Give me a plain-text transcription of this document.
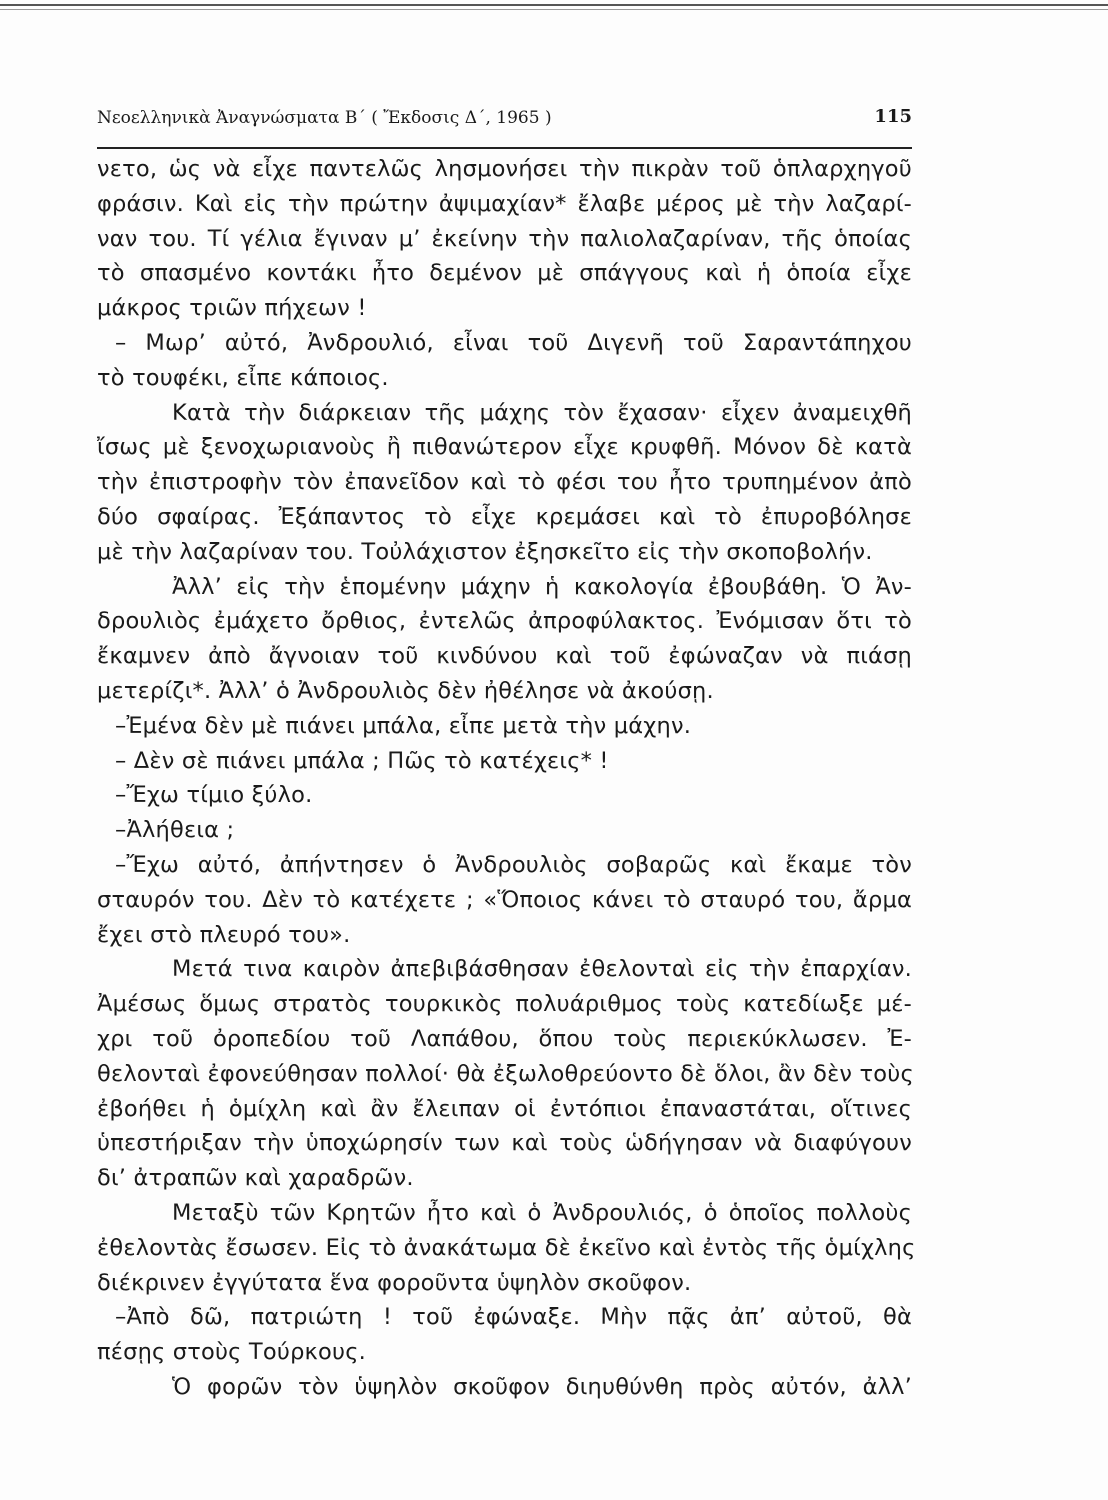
Νεοελληνικὰ Ἀναγνώσματα Β΄ ( Ἔκδοσις Δ΄, 1965 )	115
νετο, ὡς νὰ εἶχε παντελῶς λησμονήσει τὴν πικρὰν τοῦ ὁπλαρχηγοῦ
φράσιν. Καὶ εἰς τὴν πρώτην ἀψιμαχίαν* ἔλαβε μέρος μὲ τὴν λαζαρί-
ναν του. Τί γέλια ἔγιναν μ’ ἐκείνην τὴν παλιολαζαρίναν, τῆς ὁποίας
τὸ σπασμένο κοντάκι ἦτο δεμένον μὲ σπάγγους καὶ ἡ ὁποία εἶχε
μάκρος τριῶν πήχεων !
– Μωρ’ αὐτό, Ἀνδρουλιό, εἶναι τοῦ Διγενῆ τοῦ Σαραντάπηχου
τὸ τουφέκι, εἶπε κάποιος.
Κατὰ τὴν διάρκειαν τῆς μάχης τὸν ἔχασαν· εἶχεν ἀναμειχθῆ
ἴσως μὲ ξενοχωριανοὺς ἢ πιθανώτερον εἶχε κρυφθῆ. Μόνον δὲ κατὰ
τὴν ἐπιστροφὴν τὸν ἐπανεῖδον καὶ τὸ φέσι του ἦτο τρυπημένον ἀπὸ
δύο σφαίρας. Ἐξάπαντος τὸ εἶχε κρεμάσει καὶ τὸ ἐπυροβόλησε
μὲ τὴν λαζαρίναν του. Τοὐλάχιστον ἐξησκεῖτο εἰς τὴν σκοποβολήν.
Ἀλλ’ εἰς τὴν ἑπομένην μάχην ἡ κακολογία ἐβουβάθη. Ὁ Ἀν-
δρουλιὸς ἐμάχετο ὄρθιος, ἐντελῶς ἀπροφύλακτος. Ἐνόμισαν ὅτι τὸ
ἔκαμνεν ἀπὸ ἄγνοιαν τοῦ κινδύνου καὶ τοῦ ἐφώναζαν νὰ πιάσῃ
μετερίζι*. Ἀλλ’ ὁ Ἀνδρουλιὸς δὲν ἠθέλησε νὰ ἀκούσῃ.
–Ἐμένα δὲν μὲ πιάνει μπάλα, εἶπε μετὰ τὴν μάχην.
– Δὲν σὲ πιάνει μπάλα ; Πῶς τὸ κατέχεις* !
–Ἔχω τίμιο ξύλο.
–Ἀλήθεια ;
–Ἔχω αὐτό, ἀπήντησεν ὁ Ἀνδρουλιὸς σοβαρῶς καὶ ἔκαμε τὸν
σταυρόν του. Δὲν τὸ κατέχετε ; «Ὅποιος κάνει τὸ σταυρό του, ἄρμα
ἔχει στὸ πλευρό του».
Μετά τινα καιρὸν ἀπεβιβάσθησαν ἐθελονταὶ εἰς τὴν ἐπαρχίαν.
Ἀμέσως ὅμως στρατὸς τουρκικὸς πολυάριθμος τοὺς κατεδίωξε μέ-
χρι τοῦ ὀροπεδίου τοῦ Λαπάθου, ὅπου τοὺς περιεκύκλωσεν. Ἐ-
θελονταὶ ἐφονεύθησαν πολλοί· θὰ ἐξωλοθρεύοντο δὲ ὅλοι, ἂν δὲν τοὺς
ἐβοήθει ἡ ὁμίχλη καὶ ἂν ἔλειπαν οἱ ἐντόπιοι ἐπαναστάται, οἵτινες
ὑπεστήριξαν τὴν ὑποχώρησίν των καὶ τοὺς ὡδήγησαν νὰ διαφύγουν
δι’ ἀτραπῶν καὶ χαραδρῶν.
Μεταξὺ τῶν Κρητῶν ἦτο καὶ ὁ Ἀνδρουλιός, ὁ ὁποῖος πολλοὺς
ἐθελοντὰς ἔσωσεν. Εἰς τὸ ἀνακάτωμα δὲ ἐκεῖνο καὶ ἐντὸς τῆς ὁμίχλης
διέκρινεν ἐγγύτατα ἕνα φοροῦντα ὑψηλὸν σκοῦφον.
–Ἀπὸ δῶ, πατριώτη ! τοῦ ἐφώναξε. Μὴν πᾷς ἀπ’ αὐτοῦ, θὰ
πέσῃς στοὺς Τούρκους.
Ὁ φορῶν τὸν ὑψηλὸν σκοῦφον διηυθύνθη πρὸς αὐτόν, ἀλλ’
